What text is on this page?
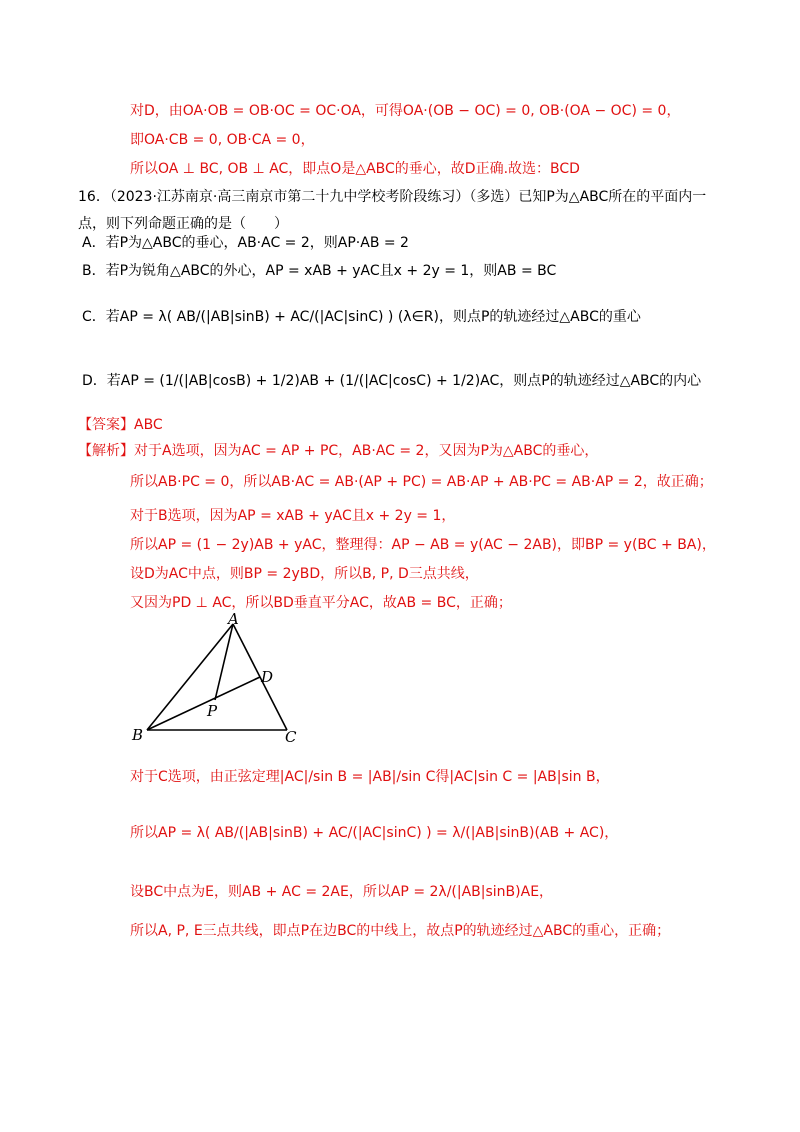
对D，由OA·OB = OB·OC = OC·OA，可得OA·(OB − OC) = 0, OB·(OA − OC) = 0，
即OA·CB = 0, OB·CA = 0，
所以OA ⊥ BC, OB ⊥ AC，即点O是△ABC的垂心，故D正确.故选：BCD
16．（2023·江苏南京·高三南京市第二十九中学校考阶段练习）（多选）已知P为△ABC所在的平面内一
点，则下列命题正确的是（　　）
A．若P为△ABC的垂心，AB·AC = 2，则AP·AB = 2
B．若P为锐角△ABC的外心，AP = xAB + yAC且x + 2y = 1，则AB = BC
C．若AP = λ( AB/(|AB|sinB) + AC/(|AC|sinC) ) (λ∈R)，则点P的轨迹经过△ABC的重心
D．若AP = (1/(|AB|cosB) + 1/2)AB + (1/(|AC|cosC) + 1/2)AC，则点P的轨迹经过△ABC的内心
【答案】ABC
【解析】对于A选项，因为AC = AP + PC，AB·AC = 2，又因为P为△ABC的垂心，
所以AB·PC = 0，所以AB·AC = AB·(AP + PC) = AB·AP + AB·PC = AB·AP = 2，故正确；
对于B选项，因为AP = xAB + yAC且x + 2y = 1，
所以AP = (1 − 2y)AB + yAC，整理得：AP − AB = y(AC − 2AB)，即BP = y(BC + BA)，
设D为AC中点，则BP = 2yBD，所以B, P, D三点共线，
又因为PD ⊥ AC，所以BD垂直平分AC，故AB = BC，正确；
A
B	C
D
P
对于C选项，由正弦定理|AC|/sin B = |AB|/sin C得|AC|sin C = |AB|sin B，
所以AP = λ( AB/(|AB|sinB) + AC/(|AC|sinC) ) = λ/(|AB|sinB)(AB + AC)，
设BC中点为E，则AB + AC = 2AE，所以AP = 2λ/(|AB|sinB)AE，
所以A, P, E三点共线，即点P在边BC的中线上，故点P的轨迹经过△ABC的重心，正确；
